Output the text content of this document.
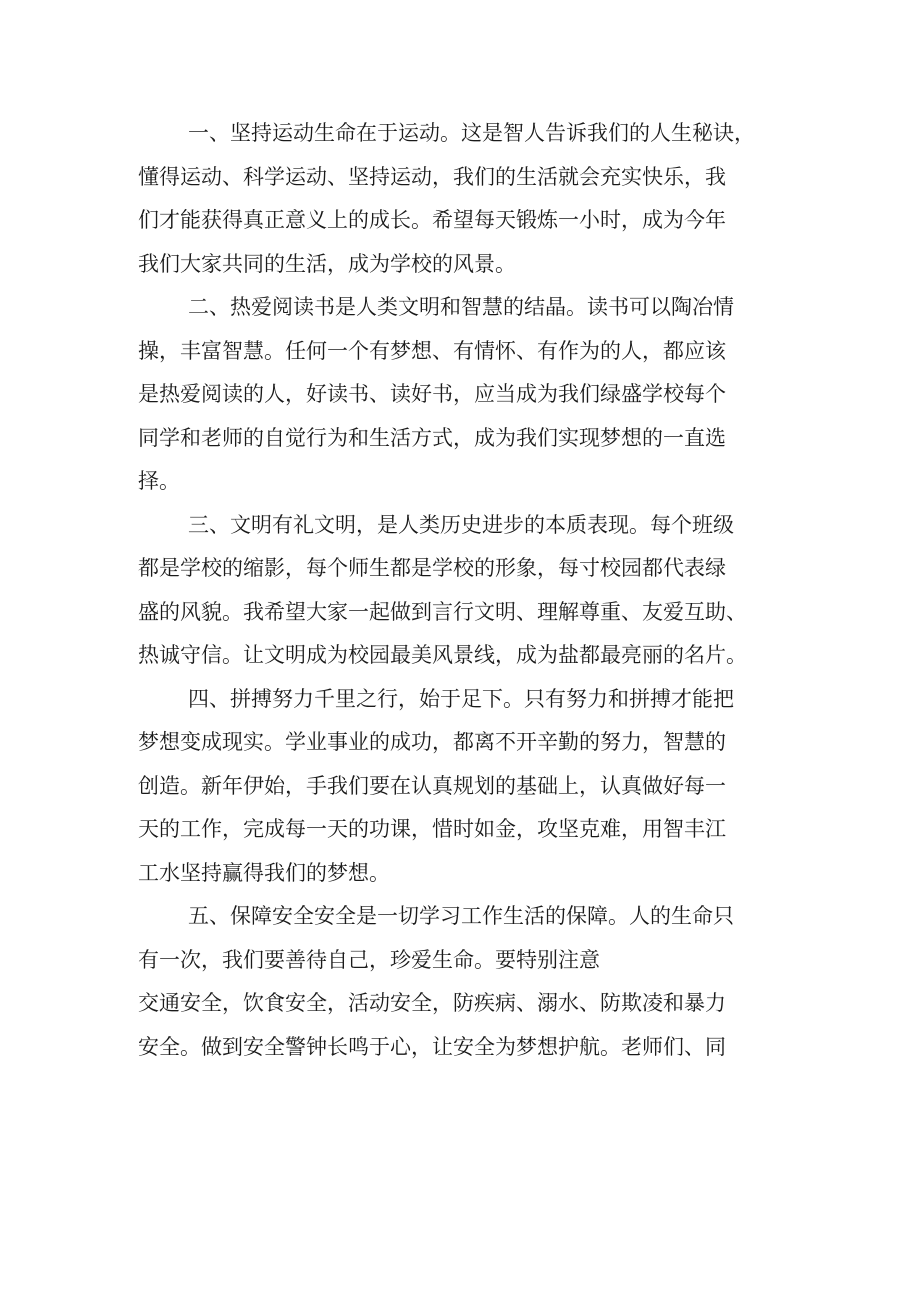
一、坚持运动生命在于运动。这是智人告诉我们的人生秘诀，
懂得运动、科学运动、坚持运动，我们的生活就会充实快乐，我
们才能获得真正意义上的成长。希望每天锻炼一小时，成为今年
我们大家共同的生活，成为学校的风景。
二、热爱阅读书是人类文明和智慧的结晶。读书可以陶冶情
操，丰富智慧。任何一个有梦想、有情怀、有作为的人，都应该
是热爱阅读的人，好读书、读好书，应当成为我们绿盛学校每个
同学和老师的自觉行为和生活方式，成为我们实现梦想的一直选
择。
三、文明有礼文明，是人类历史进步的本质表现。每个班级
都是学校的缩影，每个师生都是学校的形象，每寸校园都代表绿
盛的风貌。我希望大家一起做到言行文明、理解尊重、友爱互助、
热诚守信。让文明成为校园最美风景线，成为盐都最亮丽的名片。
四、拼搏努力千里之行，始于足下。只有努力和拼搏才能把
梦想变成现实。学业事业的成功，都离不开辛勤的努力，智慧的
创造。新年伊始，手我们要在认真规划的基础上，认真做好每一
天的工作，完成每一天的功课，惜时如金，攻坚克难，用智丰江
工水坚持赢得我们的梦想。
五、保障安全安全是一切学习工作生活的保障。人的生命只
有一次，我们要善待自己，珍爱生命。要特别注意
交通安全，饮食安全，活动安全，防疾病、溺水、防欺凌和暴力
安全。做到安全警钟长鸣于心，让安全为梦想护航。老师们、同
